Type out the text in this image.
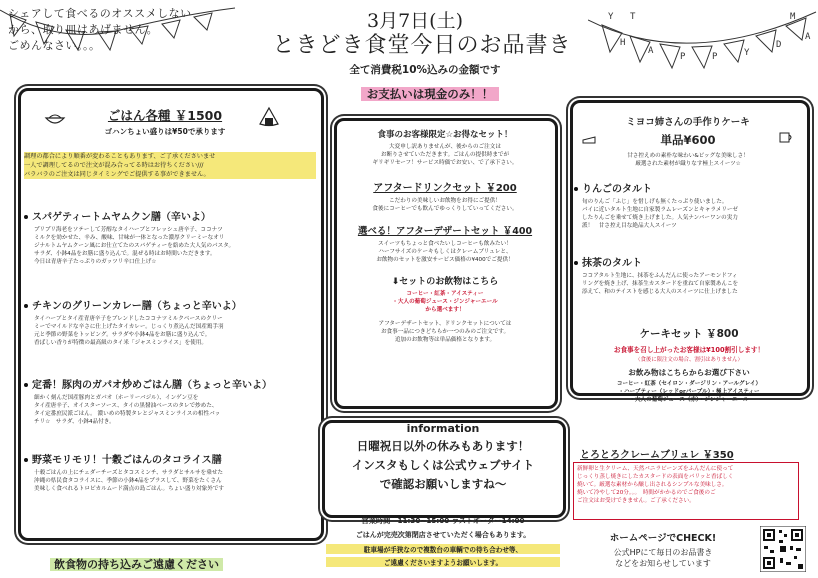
H
A
P	P	Y
D
A
Y T	M
シェアして食べるのオススメしない
から、取り皿はあげません。
ごめんなさい。。。
3月7日(土)
ときどき食堂今日のお品書き
全て消費税10%込みの金額です
お支払いは現金のみ！！
ごはん各種 ￥1500
ゴハンちょい盛りは¥50で承ります
調理の都合により順番が変わることもあります、ご了承くださいませ
一人で調理してるので注文が混み合ってる時はお待ちください///
バラバラのご注文は同じタイミングでご提供する事ができません。
スパゲティートムヤムクン膳（辛いよ）
プリプリ海老をソテーして芳醇なタイハーブとフレッシュ唐辛子、ココナツ
ミルクを効かせた、辛み、酸味、甘味が一体となった濃厚クリーミーなオリ
ジナルトムヤムクーン風にお仕立てたのスパゲティーを絡めた大人気のパスタ。
サラダ、小鉢4品をお膳に盛り込んで。混ぜる時はお時間いただきます。
今日は青唐辛子たっぷりのガッツリ辛口仕上げ☆
チキンのグリーンカレー膳（ちょっと辛いよ）
タイハーブとタイ産青唐辛子をブレンドしたココナツミルクベースのクリー
ミーでマイルドな辛さに仕上げたタイカレー。じっくり煮込んだ国産鶏手羽
元と季節の野菜をトッピング。サラダや小鉢4品をお膳に盛り込んで。
香ばしい香りが特徴の最高級のタイ米「ジャスミンライス」を使用。
定番！豚肉のガパオ炒めごはん膳（ちょっと辛いよ）
細かく刻んだ国産豚肉とガパオ（ホーリーバジル）、インゲン豆を
タイ産唐辛子、オイスターソース、タイの黒醤油ベースのタレで炒めた、
タイ定番庶民派ごはん。 濃いめの特製タレとジャスミンライスの相性バッ
チリ☆　サラダ、小鉢4品付き。
野菜モリモリ！十穀ごはんのタコライス膳
十穀ごはんの上にチェダーチーズとタコスミンチ、サラダとサルサを乗せた
沖縄の県民食タコライスに、季節の小鉢4品をプラスして、野菜をたくさん
美味しく食べれるトロピカルムード満点の島ごはん。ちょい盛り対象外です
飲食物の持ち込みご遠慮ください
食事のお客様限定☆お得なセット！
大変申し訳ありませんが、後からのご注文は
お断りさせていただきます。ごはんの提供時までが
ギリギリセーフ！サービス時価でお安い、で了承下さい。
アフタードリンクセット ￥200
こだわりの美味しいお飲物をお得にご提供！
食後にコーヒーでも飲んでゆっくりしていってください。
選べる！アフターデザートセット ￥400
スイーツもちょっと食べたいしコーヒーも飲みたい！
ハーフサイズのケーキもしくはクレームブリュレと、
お飲物のセットを激安サービス価格の¥400でご提供！
⬇セットのお飲物はこちら
コーヒー・紅茶・アイスティー
・大人の葡萄ジュース・ジンジャーエール
から選べます！
アフターデザートセット、ドリンクセットについては
お食事一品につきどちらか一つのみのご注文です。
追加のお飲物等は単品価格となります。
information
日曜祝日以外の休みもあります！
インスタもしくは公式ウェブサイト
で確認お願いしますね〜
営業時間　11:30~15:00 ラストオーダー14:00
ごはんが完売次第閉店させていただく場合もあります。
駐車場が手狭なので複数台の車輌での待ち合わせ等、
ご遠慮くださいますようお願いします。
ミヨコ姉さんの手作りケーキ
単品¥600
甘さ控えめの素朴な味わい&ビッグな美味しさ！
厳選された素材が織りなす極上スイーツ☆
りんごのタルト
旬のりんご「ふじ」を惜しげも無くたっぷり使いました。
パイに近いタルト生地に自家製ラムレーズンとキャラメリーゼ
したりんごを乗せて焼き上げました。人気ナンバーワンの実力
派！　甘さ控え目な絶品大人スイーツ
抹茶のタルト
ココアタルト生地に、抹茶をふんだんに使ったアーモンドフィ
リングを焼き上げ、抹茶生カスタードを重ねて自家製あんこを
添えて、和のテイストを感じる大人のスイーツに仕上げました
ケーキセット ￥800
お食事を召し上がったお客様は¥100割引します！
（食後に限注文の場合、割引はありません）
お飲み物はこちらからお選び下さい
コーヒー・紅茶（セイロン・ダージリン・アールグレイ）
・ハーブティー（レッドorパープル）・極上アイスティー
・大人の葡萄ジュース（赤）・ジンジャーエール
とろとろクレームブリュレ ￥350
新鮮卵と生クリーム、天然バニラビーンズをふんだんに使って
じっくり蒸し焼きにしたカスタードの表面をパリッと香ばしく
焼いて。厳選な素材から醸し出されるシンプルな美味しさ。
焼いて冷やして20分。。。　時間がかかるのでご食後のご
ご注文はお受けできません。ご了承ください。
ホームページでCHECK!
公式HPにて毎日のお品書き
などをお知らせしています
